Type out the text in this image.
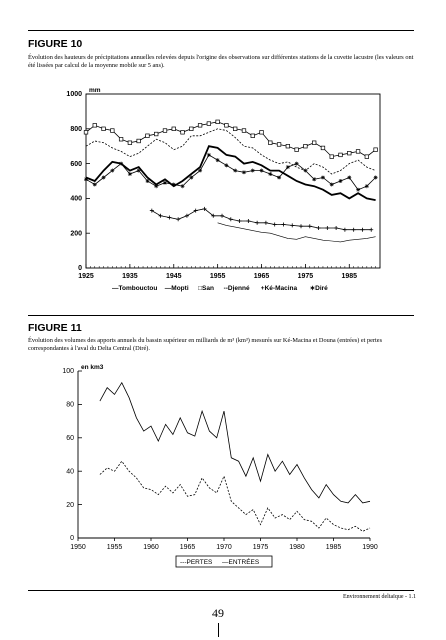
FIGURE 10
Évolution des hauteurs de précipitations annuelles relevées depuis l'origine des observations sur différentes stations de la cuvette lacustre (les valeurs ont été lissées par calcul de la moyenne mobile sur 5 ans).
mm
0
200
400
600
800
1000
1925	1935	1945	1955	1965	1975	1985
—Tombouctou —Mopti □San --Djenné +Ké-Macina ∗Diré
FIGURE 11
Évolution des volumes des apports annuels du bassin supérieur en milliards de m³ (km³) mesurés sur Ké-Macina et Douna (entrées) et pertes correspondantes à l'aval du Delta Central (Diré).
en km3
0
20
40
60
80
100
1950	1955	1960	1965	1970	1975	1980	1985	1990
---PERTES —ENTRÉES
Environnement deltaïque - 1.1
49
